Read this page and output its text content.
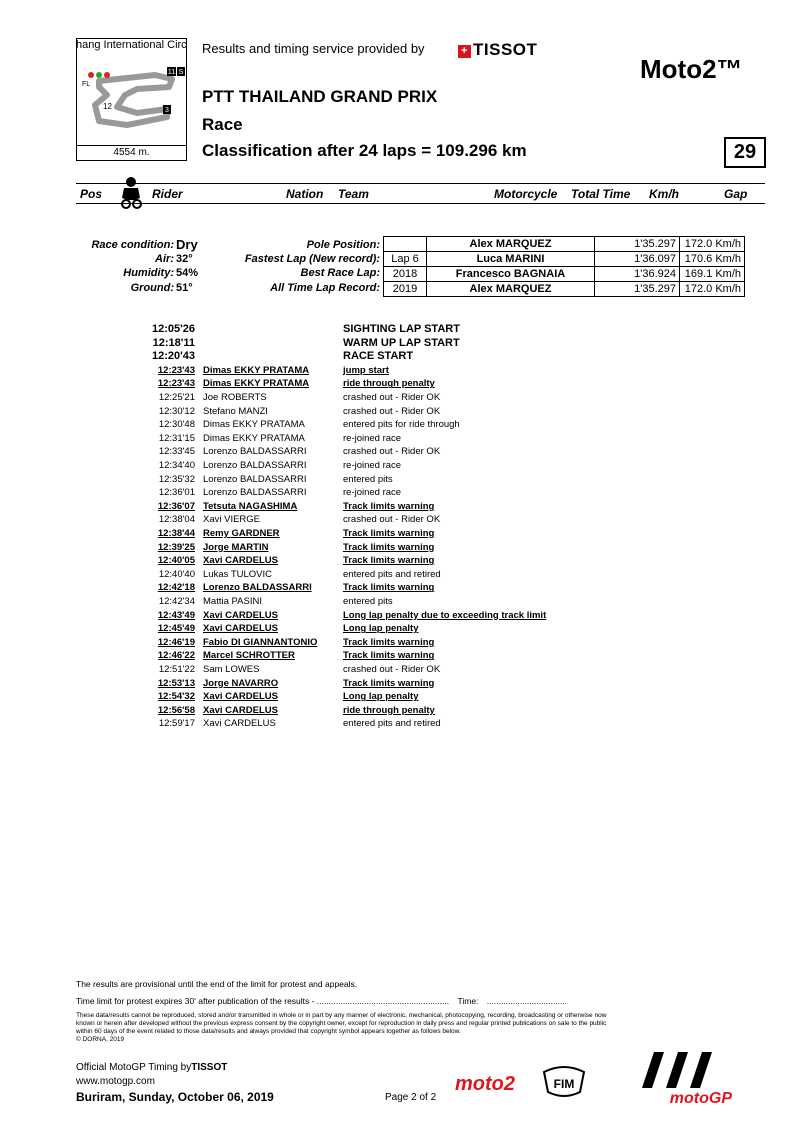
11 S
FL
12	3
hang International Circ
4554 m.
Results and timing service provided by	+ TISSOT
Moto2™
PTT THAILAND GRAND PRIX
Race
Classification after 24 laps = 109.296 km	29
Pos	Rider	Nation Team	Motorcycle Total Time Km/h	Gap
Race condition: Dry
Air: 32°
Humidity: 54%
Ground: 51°
Pole Position:
Fastest Lap (New record):
Best Race Lap:
All Time Lap Record:
	Alex MARQUEZ	1'35.297	172.0 Km/h
Lap 6	Luca MARINI	1'36.097	170.6 Km/h
2018	Francesco BAGNAIA	1'36.924	169.1 Km/h
2019	Alex MARQUEZ	1'35.297	172.0 Km/h
12:05'26	SIGHTING LAP START
12:18'11	WARM UP LAP START
12:20'43	RACE START
12:23'43 Dimas EKKY PRATAMA	jump start
12:23'43 Dimas EKKY PRATAMA	ride through penalty
12:25'21 Joe ROBERTS	crashed out - Rider OK
12:30'12 Stefano MANZI	crashed out - Rider OK
12:30'48 Dimas EKKY PRATAMA	entered pits for ride through
12:31'15 Dimas EKKY PRATAMA	re-joined race
12:33'45 Lorenzo BALDASSARRI	crashed out - Rider OK
12:34'40 Lorenzo BALDASSARRI	re-joined race
12:35'32 Lorenzo BALDASSARRI	entered pits
12:36'01 Lorenzo BALDASSARRI	re-joined race
12:36'07 Tetsuta NAGASHIMA	Track limits warning
12:38'04 Xavi VIERGE	crashed out - Rider OK
12:38'44 Remy GARDNER	Track limits warning
12:39'25 Jorge MARTIN	Track limits warning
12:40'05 Xavi CARDELUS	Track limits warning
12:40'40 Lukas TULOVIC	entered pits and retired
12:42'18 Lorenzo BALDASSARRI	Track limits warning
12:42'34 Mattia PASINI	entered pits
12:43'49 Xavi CARDELUS	Long lap penalty due to exceeding track limit
12:45'49 Xavi CARDELUS	Long lap penalty
12:46'19 Fabio DI GIANNANTONIO	Track limits warning
12:46'22 Marcel SCHROTTER	Track limits warning
12:51'22 Sam LOWES	crashed out - Rider OK
12:53'13 Jorge NAVARRO	Track limits warning
12:54'32 Xavi CARDELUS	Long lap penalty
12:56'58 Xavi CARDELUS	ride through penalty
12:59'17 Xavi CARDELUS	entered pits and retired
The results are provisional until the end of the limit for protest and appeals.
Time limit for protest expires 30' after publication of the results - ........................................................ Time: ..................................
These data/results cannot be reproduced, stored and/or transmitted in whole or in part by any manner of electronic, mechanical, photocopying, recording, broadcasting or otherwise now
known or herein after developed without the previous express consent by the copyright owner, except for reproduction in daily press and regular printed publications on sale to the public
within 60 days of the event related to those data/results and always provided that copyright symbol appears together as follows below.
© DORNA, 2019
Official MotoGP Timing byTISSOT
www.motogp.com
Buriram, Sunday, October 06, 2019	Page 2 of 2
moto2	FIM
motoGP
